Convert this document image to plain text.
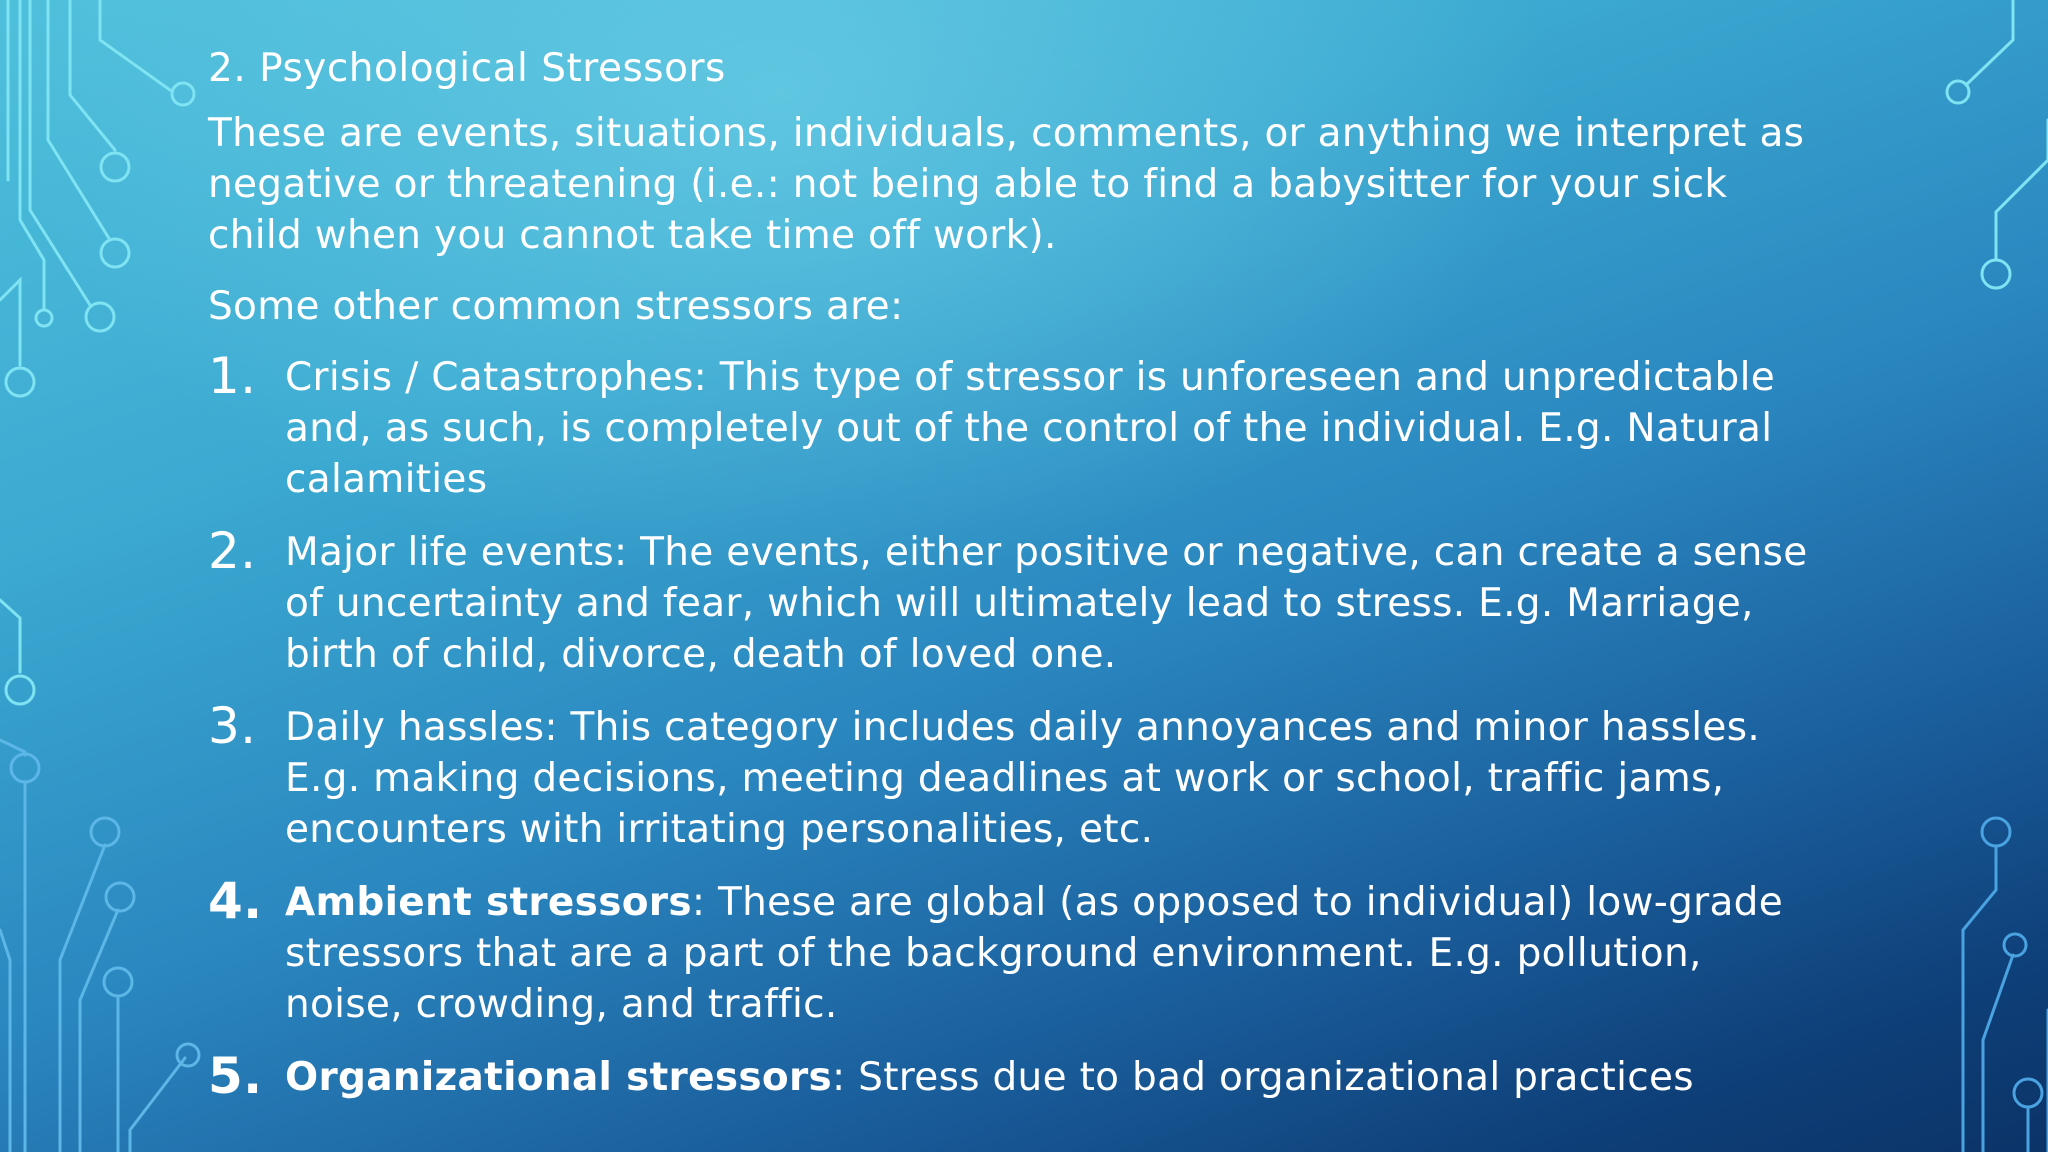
2. Psychological Stressors

These are events, situations, individuals, comments, or anything we interpret as negative or threatening (i.e.: not being able to find a babysitter for your sick child when you cannot take time off work).

Some other common stressors are:

1. Crisis / Catastrophes: This type of stressor is unforeseen and unpredictable and, as such, is completely out of the control of the individual. E.g. Natural calamities
2. Major life events: The events, either positive or negative, can create a sense of uncertainty and fear, which will ultimately lead to stress. E.g. Marriage, birth of child, divorce, death of loved one.
3. Daily hassles: This category includes daily annoyances and minor hassles. E.g. making decisions, meeting deadlines at work or school, traffic jams, encounters with irritating personalities, etc.
4. Ambient stressors: These are global (as opposed to individual) low-grade stressors that are a part of the background environment. E.g. pollution, noise, crowding, and traffic.
5. Organizational stressors: Stress due to bad organizational practices
